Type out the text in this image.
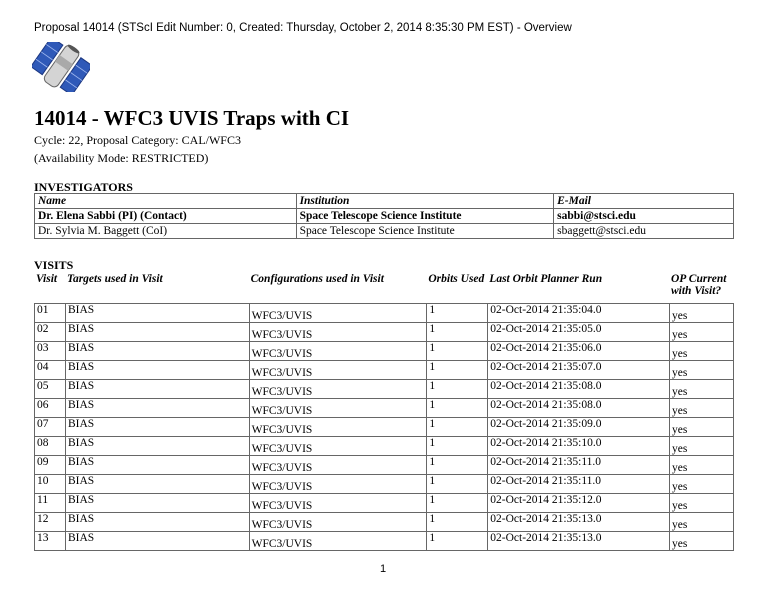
Proposal 14014 (STScI Edit Number: 0, Created: Thursday, October 2, 2014 8:35:30 PM EST) - Overview
14014 - WFC3 UVIS Traps with CI
Cycle: 22, Proposal Category: CAL/WFC3
(Availability Mode: RESTRICTED)
INVESTIGATORS
Name	Institution	E-Mail
Dr. Elena Sabbi (PI) (Contact)	Space Telescope Science Institute	sabbi@stsci.edu
Dr. Sylvia M. Baggett (CoI)	Space Telescope Science Institute	sbaggett@stsci.edu
VISITS
Visit	Targets used in Visit	Configurations used in Visit	Orbits Used	Last Orbit Planner Run	OP Current
with Visit?
01	BIAS	WFC3/UVIS	1	02-Oct-2014 21:35:04.0	yes
02	BIAS	WFC3/UVIS	1	02-Oct-2014 21:35:05.0	yes
03	BIAS	WFC3/UVIS	1	02-Oct-2014 21:35:06.0	yes
04	BIAS	WFC3/UVIS	1	02-Oct-2014 21:35:07.0	yes
05	BIAS	WFC3/UVIS	1	02-Oct-2014 21:35:08.0	yes
06	BIAS	WFC3/UVIS	1	02-Oct-2014 21:35:08.0	yes
07	BIAS	WFC3/UVIS	1	02-Oct-2014 21:35:09.0	yes
08	BIAS	WFC3/UVIS	1	02-Oct-2014 21:35:10.0	yes
09	BIAS	WFC3/UVIS	1	02-Oct-2014 21:35:11.0	yes
10	BIAS	WFC3/UVIS	1	02-Oct-2014 21:35:11.0	yes
11	BIAS	WFC3/UVIS	1	02-Oct-2014 21:35:12.0	yes
12	BIAS	WFC3/UVIS	1	02-Oct-2014 21:35:13.0	yes
13	BIAS	WFC3/UVIS	1	02-Oct-2014 21:35:13.0	yes
1
